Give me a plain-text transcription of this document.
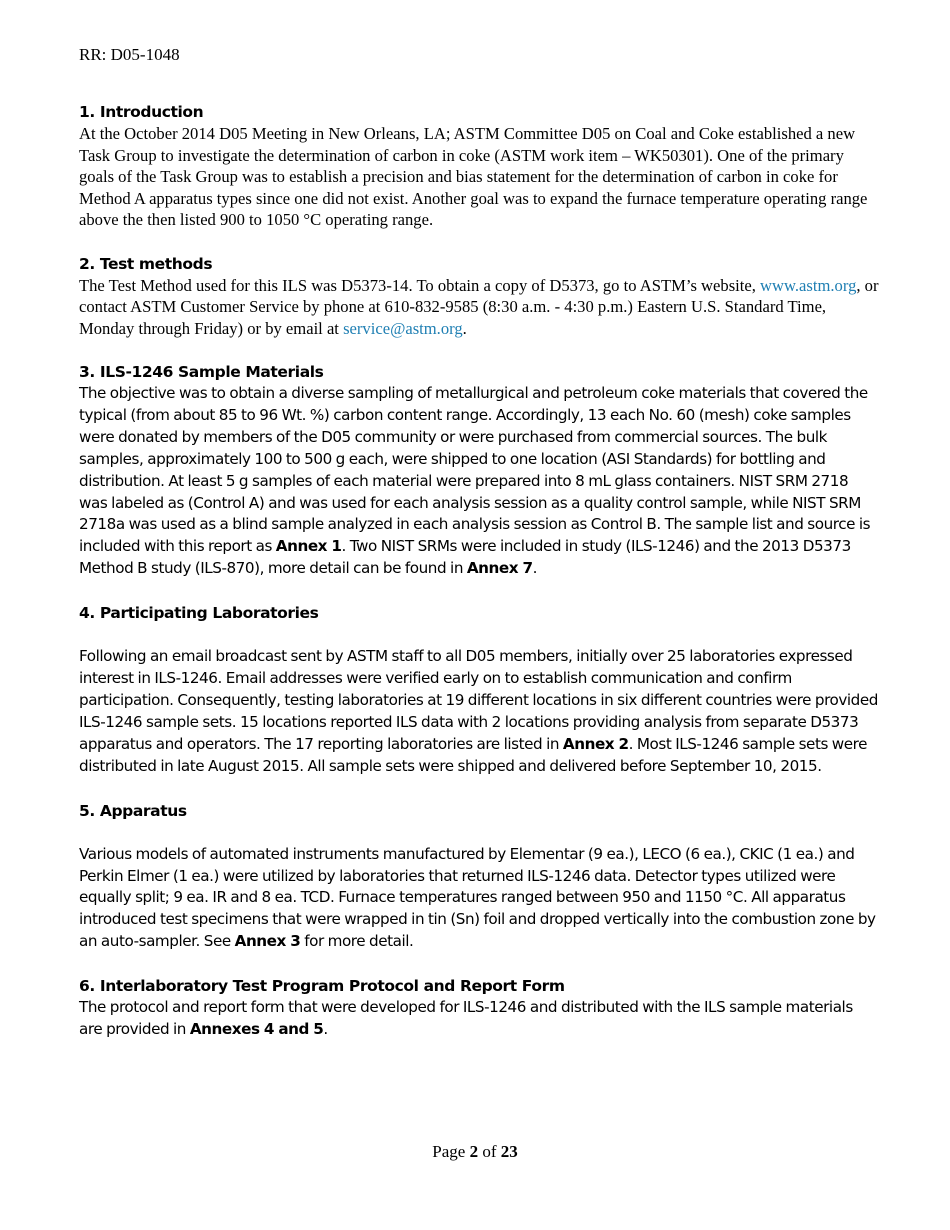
RR: D05-1048
1. Introduction

At the October 2014 D05 Meeting in New Orleans, LA; ASTM Committee D05 on Coal and Coke established a new Task Group to investigate the determination of carbon in coke (ASTM work item – WK50301). One of the primary goals of the Task Group was to establish a precision and bias statement for the determination of carbon in coke for Method A apparatus types since one did not exist. Another goal was to expand the furnace temperature operating range above the then listed 900 to 1050 °C operating range.

2. Test methods

The Test Method used for this ILS was D5373-14. To obtain a copy of D5373, go to ASTM’s website, www.astm.org, or contact ASTM Customer Service by phone at 610-832-9585 (8:30 a.m. - 4:30 p.m.) Eastern U.S. Standard Time, Monday through Friday) or by email at service@astm.org.

3. ILS-1246 Sample Materials

The objective was to obtain a diverse sampling of metallurgical and petroleum coke materials that covered the typical (from about 85 to 96 Wt. %) carbon content range. Accordingly, 13 each No. 60 (mesh) coke samples were donated by members of the D05 community or were purchased from commercial sources. The bulk samples, approximately 100 to 500 g each, were shipped to one location (ASI Standards) for bottling and distribution. At least 5 g samples of each material were prepared into 8 mL glass containers. NIST SRM 2718 was labeled as (Control A) and was used for each analysis session as a quality control sample, while NIST SRM 2718a was used as a blind sample analyzed in each analysis session as Control B. The sample list and source is included with this report as Annex 1. Two NIST SRMs were included in study (ILS-1246) and the 2013 D5373 Method B study (ILS-870), more detail can be found in Annex 7.

4. Participating Laboratories

Following an email broadcast sent by ASTM staff to all D05 members, initially over 25 laboratories expressed interest in ILS-1246. Email addresses were verified early on to establish communication and confirm participation. Consequently, testing laboratories at 19 different locations in six different countries were provided ILS-1246 sample sets. 15 locations reported ILS data with 2 locations providing analysis from separate D5373 apparatus and operators. The 17 reporting laboratories are listed in Annex 2. Most ILS-1246 sample sets were distributed in late August 2015. All sample sets were shipped and delivered before September 10, 2015.

5. Apparatus

Various models of automated instruments manufactured by Elementar (9 ea.), LECO (6 ea.), CKIC (1 ea.) and Perkin Elmer (1 ea.) were utilized by laboratories that returned ILS-1246 data. Detector types utilized were equally split; 9 ea. IR and 8 ea. TCD. Furnace temperatures ranged between 950 and 1150 °C. All apparatus introduced test specimens that were wrapped in tin (Sn) foil and dropped vertically into the combustion zone by an auto-sampler. See Annex 3 for more detail.

6. Interlaboratory Test Program Protocol and Report Form

The protocol and report form that were developed for ILS-1246 and distributed with the ILS sample materials are provided in Annexes 4 and 5.

Page 2 of 23
